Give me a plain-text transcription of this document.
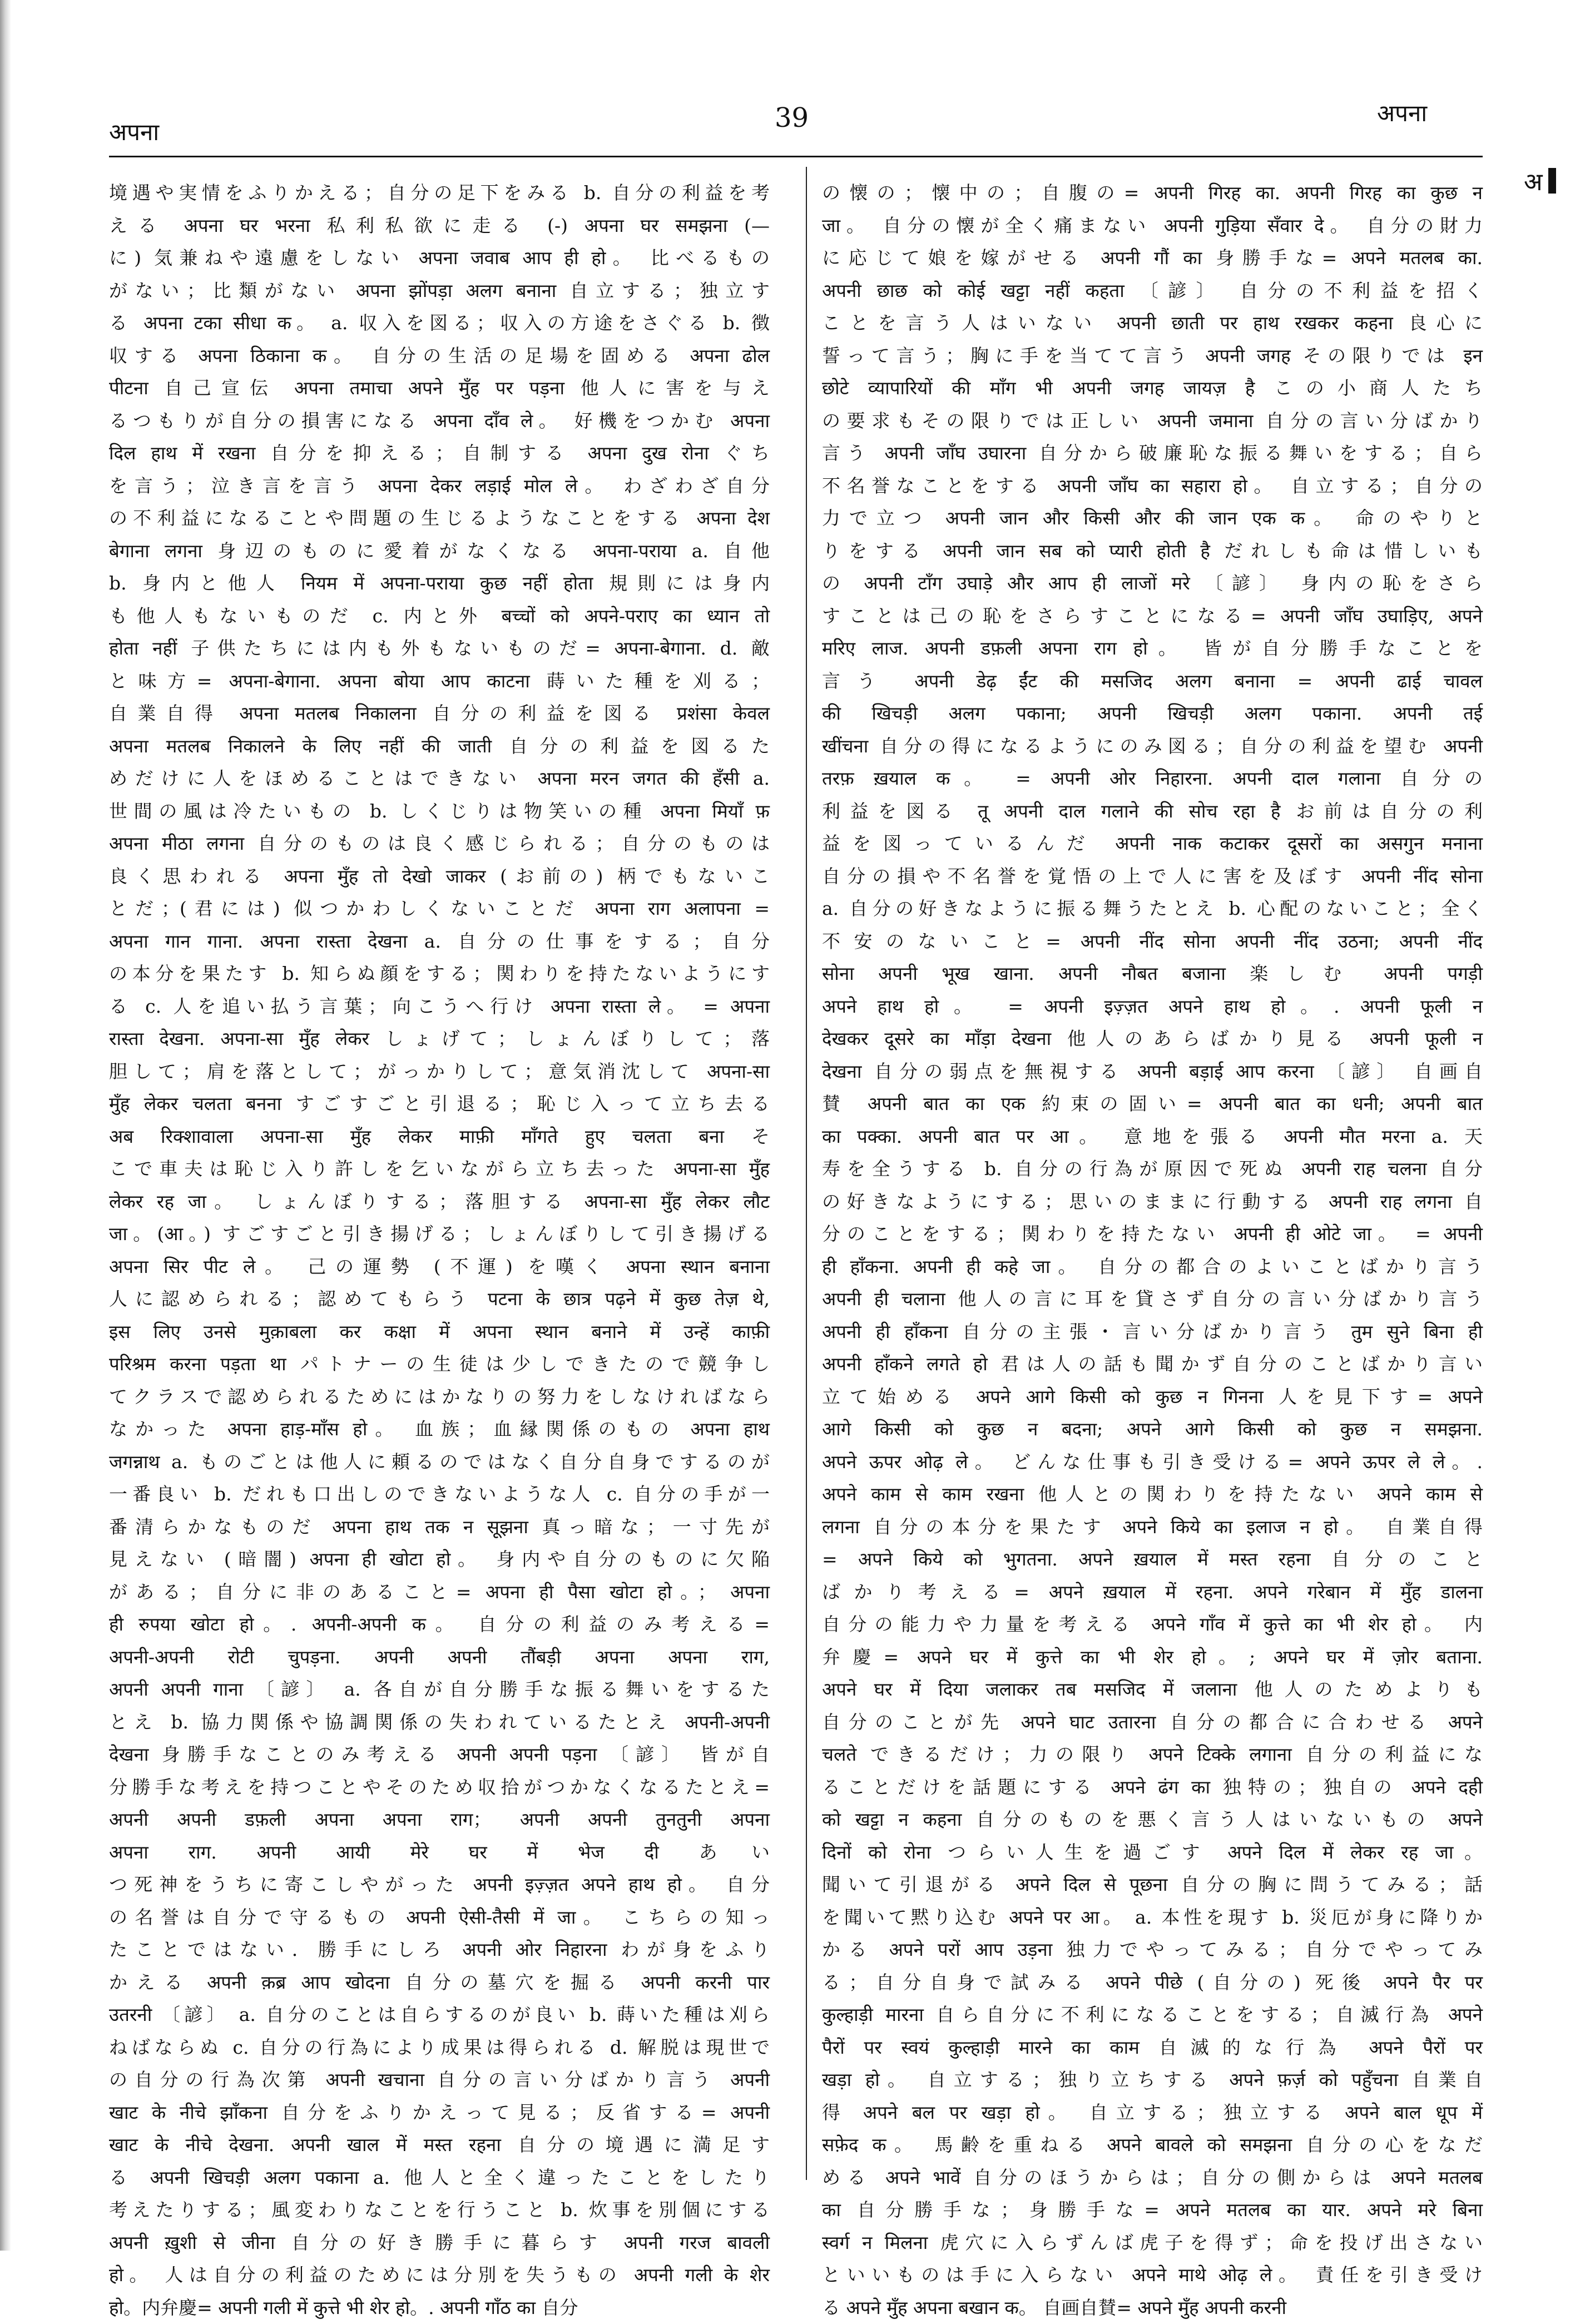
अपना	39	अपना
अ
境遇や実情をふりかえる；自分の足下をみる b. 自分の利益を考
える अपना घर भरना 私利私欲に走る (-) अपना घर समझना (—
に) 気兼ねや遠慮をしない अपना जवाब आप ही हो。 比べるもの
がない；比類がない अपना झोंपड़ा अलग बनाना 自立する；独立す
る अपना टका सीधा क。 a. 収入を図る；収入の方途をさぐる b. 徴
収する अपना ठिकाना क。 自分の生活の足場を固める अपना ढोल
पीटना 自己宣伝 अपना तमाचा अपने मुँह पर पड़ना 他人に害を与え
るつもりが自分の損害になる अपना दाँव ले。 好機をつかむ अपना
दिल हाथ में रखना 自分を抑える；自制する अपना दुख रोना ぐち
を言う；泣き言を言う अपना देकर लड़ाई मोल ले。 わざわざ自分
の不利益になることや問題の生じるようなことをする अपना देश
बेगाना लगना 身辺のものに愛着がなくなる अपना-पराया a. 自他
b. 身内と他人 नियम में अपना-पराया कुछ नहीं होता 規則には身内
も他人もないものだ c. 内と外 बच्चों को अपने-पराए का ध्यान तो
होता नहीं 子供たちには内も外もないものだ= अपना-बेगाना. d. 敵
と味方= अपना-बेगाना. अपना बोया आप काटना 蒔いた種を刈る；
自業自得 अपना मतलब निकालना 自分の利益を図る प्रशंसा केवल
अपना मतलब निकालने के लिए नहीं की जाती 自分の利益を図るた
めだけに人をほめることはできない अपना मरन जगत की हँसी a.
世間の風は冷たいもの b. しくじりは物笑いの種 अपना मियाँ फ़
अपना मीठा लगना 自分のものは良く感じられる；自分のものは
良く思われる अपना मुँह तो देखो जाकर (お前の) 柄でもないこ
とだ；(君には) 似つかわしくないことだ अपना राग अलापना =
अपना गान गाना. अपना रास्ता देखना a. 自分の仕事をする；自分
の本分を果たす b. 知らぬ顔をする；関わりを持たないようにす
る c. 人を追い払う言葉；向こうへ行け अपना रास्ता ले。 = अपना
रास्ता देखना. अपना-सा मुँह लेकर しょげて；しょんぼりして；落
胆して；肩を落として；がっかりして；意気消沈して अपना-सा
मुँह लेकर चलता बनना すごすごと引退る；恥じ入って立ち去る
अब रिक्शावाला अपना-सा मुँह लेकर माफ़ी माँगते हुए चलता बना そ
こで車夫は恥じ入り許しを乞いながら立ち去った अपना-सा मुँह
लेकर रह जा。 しょんぼりする；落胆する अपना-सा मुँह लेकर लौट
जा。(आ。) すごすごと引き揚げる；しょんぼりして引き揚げる
अपना सिर पीट ले。 己の運勢 (不運) を嘆く अपना स्थान बनाना
人に認められる；認めてもらう पटना के छात्र पढ़ने में कुछ तेज़ थे,
इस लिए उनसे मुक़ाबला कर कक्षा में अपना स्थान बनाने में उन्हें काफ़ी
परिश्रम करना पड़ता था パトナーの生徒は少しできたので競争し
てクラスで認められるためにはかなりの努力をしなければなら
なかった अपना हाड़-माँस हो。 血族；血縁関係のもの अपना हाथ
जगन्नाथ a. ものごとは他人に頼るのではなく自分自身でするのが
一番良い b. だれも口出しのできないような人 c. 自分の手が一
番清らかなものだ अपना हाथ तक न सूझना 真っ暗な；一寸先が
見えない (暗闇) अपना ही खोटा हो。 身内や自分のものに欠陥
がある；自分に非のあること= अपना ही पैसा खोटा हो。； अपना
ही रुपया खोटा हो。. अपनी-अपनी क。 自分の利益のみ考える=
अपनी-अपनी रोटी चुपड़ना. अपनी अपनी तौंबड़ी अपना अपना राग,
अपनी अपनी गाना 〔諺〕 a. 各自が自分勝手な振る舞いをするた
とえ b. 協力関係や協調関係の失われているたとえ अपनी-अपनी
देखना 身勝手なことのみ考える अपनी अपनी पड़ना 〔諺〕 皆が自
分勝手な考えを持つことやそのため収拾がつかなくなるたとえ=
अपनी अपनी डफ़ली अपना अपना राग； अपनी अपनी तुनतुनी अपना
अपना राग. अपनी आयी मेरे घर में भेज दी あい
つ死神をうちに寄こしやがった अपनी इज़्ज़त अपने हाथ हो。 自分
の名誉は自分で守るもの अपनी ऐसी-तैसी में जा。 こちらの知っ
たことではない．勝手にしろ अपनी ओर निहारना わが身をふり
かえる अपनी क़ब्र आप खोदना 自分の墓穴を掘る अपनी करनी पार
उतरनी 〔諺〕 a. 自分のことは自らするのが良い b. 蒔いた種は刈ら
ねばならぬ c. 自分の行為により成果は得られる d. 解脱は現世で
の自分の行為次第 अपनी खचाना 自分の言い分ばかり言う अपनी
खाट के नीचे झाँकना 自分をふりかえって見る；反省する= अपनी
खाट के नीचे देखना. अपनी खाल में मस्त रहना 自分の境遇に満足す
る अपनी खिचड़ी अलग पकाना a. 他人と全く違ったことをしたり
考えたりする；風変わりなことを行うこと b. 炊事を別個にする
अपनी ख़ुशी से जीना 自分の好き勝手に暮らす अपनी गरज बावली
हो。 人は自分の利益のためには分別を失うもの अपनी गली के शेर
हो。内弁慶= अपनी गली में कुत्ते भी शेर हो。. अपनी गाँठ का 自分
の懐の；懐中の；自腹の= अपनी गिरह का. अपनी गिरह का कुछ न
जा。 自分の懐が全く痛まない अपनी गुड़िया सँवार दे。 自分の財力
に応じて娘を嫁がせる अपनी गौं का 身勝手な= अपने मतलब का.
अपनी छाछ को कोई खट्टा नहीं कहता 〔諺〕 自分の不利益を招く
ことを言う人はいない अपनी छाती पर हाथ रखकर कहना 良心に
誓って言う；胸に手を当てて言う अपनी जगह その限りでは इन
छोटे व्यापारियों की माँग भी अपनी जगह जायज़ है この小商人たち
の要求もその限りでは正しい अपनी जमाना 自分の言い分ばかり
言う अपनी जाँघ उघारना 自分から破廉恥な振る舞いをする；自ら
不名誉なことをする अपनी जाँघ का सहारा हो。 自立する；自分の
力で立つ अपनी जान और किसी और की जान एक क。 命のやりと
りをする अपनी जान सब को प्यारी होती है だれしも命は惜しいも
の अपनी टाँग उघाड़े और आप ही लाजों मरे 〔諺〕 身内の恥をさら
すことは己の恥をさらすことになる= अपनी जाँघ उघाड़िए, अपने
मरिए लाज. अपनी डफ़ली अपना राग हो。 皆が自分勝手なことを
言う अपनी डेढ़ ईंट की मसजिद अलग बनाना = अपनी ढाई चावल
की खिचड़ी अलग पकाना; अपनी खिचड़ी अलग पकाना. अपनी तई
खींचना 自分の得になるようにのみ図る；自分の利益を望む अपनी
तरफ़ ख़याल क。 = अपनी ओर निहारना. अपनी दाल गलाना 自分の
利益を図る तू अपनी दाल गलाने की सोच रहा है お前は自分の利
益を図っているんだ अपनी नाक कटाकर दूसरों का असगुन मनाना
自分の損や不名誉を覚悟の上で人に害を及ぼす अपनी नींद सोना
a. 自分の好きなように振る舞うたとえ b. 心配のないこと；全く
不安のないこと= अपनी नींद सोना अपनी नींद उठना; अपनी नींद
सोना अपनी भूख खाना. अपनी नौबत बजाना 楽しむ अपनी पगड़ी
अपने हाथ हो。 = अपनी इज़्ज़त अपने हाथ हो。. अपनी फूली न
देखकर दूसरे का माँड़ा देखना 他人のあらばかり見る अपनी फूली न
देखना 自分の弱点を無視する अपनी बड़ाई आप करना 〔諺〕 自画自
賛 अपनी बात का एक 約束の固い= अपनी बात का धनी; अपनी बात
का पक्का. अपनी बात पर आ。 意地を張る अपनी मौत मरना a. 天
寿を全うする b. 自分の行為が原因で死ぬ अपनी राह चलना 自分
の好きなようにする；思いのままに行動する अपनी राह लगना 自
分のことをする；関わりを持たない अपनी ही ओटे जा。 = अपनी
ही हाँकना. अपनी ही कहे जा。 自分の都合のよいことばかり言う
अपनी ही चलाना 他人の言に耳を貸さず自分の言い分ばかり言う
अपनी ही हाँकना 自分の主張・言い分ばかり言う तुम सुने बिना ही
अपनी हाँकने लगते हो 君は人の話も聞かず自分のことばかり言い
立て始める अपने आगे किसी को कुछ न गिनना 人を見下す= अपने
आगे किसी को कुछ न बदना; अपने आगे किसी को कुछ न समझना.
अपने ऊपर ओढ़ ले。 どんな仕事も引き受ける= अपने ऊपर ले ले。.
अपने काम से काम रखना 他人との関わりを持たない अपने काम से
लगना 自分の本分を果たす अपने किये का इलाज न हो。 自業自得
= अपने किये को भुगतना. अपने ख़याल में मस्त रहना 自分のこと
ばかり考える= अपने ख़याल में रहना. अपने गरेबान में मुँह डालना
自分の能力や力量を考える अपने गाँव में कुत्ते का भी शेर हो。 内
弁慶= अपने घर में कुत्ते का भी शेर हो。; अपने घर में ज़ोर बताना.
अपने घर में दिया जलाकर तब मसजिद में जलाना 他人のためよりも
自分のことが先 अपने घाट उतारना 自分の都合に合わせる अपने
चलते できるだけ；力の限り अपने टिक्के लगाना 自分の利益にな
ることだけを話題にする अपने ढंग का 独特の；独自の अपने दही
को खट्टा न कहना 自分のものを悪く言う人はいないもの अपने
दिनों को रोना つらい人生を過ごす अपने दिल में लेकर रह जा。
聞いて引退がる अपने दिल से पूछना 自分の胸に問うてみる；話
を聞いて黙り込む अपने पर आ。 a. 本性を現す b. 災厄が身に降りか
かる अपने परों आप उड़ना 独力でやってみる；自分でやってみ
る；自分自身で試みる अपने पीछे (自分の) 死後 अपने पैर पर
कुल्हाड़ी मारना 自ら自分に不利になることをする；自滅行為 अपने
पैरों पर स्वयं कुल्हाड़ी मारने का काम 自滅的な行為 अपने पैरों पर
खड़ा हो。 自立する；独り立ちする अपने फ़र्ज़ को पहुँचना 自業自
得 अपने बल पर खड़ा हो。 自立する；独立する अपने बाल धूप में
सफ़ेद क。 馬齢を重ねる अपने बावले को समझना 自分の心をなだ
める अपने भावें 自分のほうからは；自分の側からは अपने मतलब
का 自分勝手な；身勝手な= अपने मतलब का यार. अपने मरे बिना
स्वर्ग न मिलना 虎穴に入らずんば虎子を得ず；命を投げ出さない
といいものは手に入らない अपने माथे ओढ़ ले。 責任を引き受け
る अपने मुँह अपना बखान क。 自画自賛= अपने मुँह अपनी करनी
